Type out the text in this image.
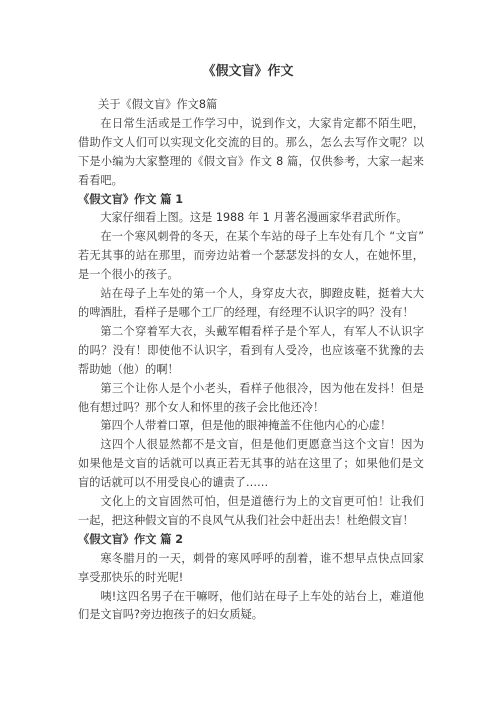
《假文盲》作文

关于《假文盲》作文8篇

在日常生活或是工作学习中，说到作文，大家肯定都不陌生吧，借助作文人们可以实现文化交流的目的。那么，怎么去写作文呢？以下是小编为大家整理的《假文盲》作文 8 篇，仅供参考，大家一起来看看吧。

《假文盲》作文 篇 1

大家仔细看上图。这是 1988 年 1 月著名漫画家华君武所作。

在一个寒风刺骨的冬天，在某个车站的母子上车处有几个 “文盲” 若无其事的站在那里，而旁边站着一个瑟瑟发抖的女人，在她怀里，是一个很小的孩子。

站在母子上车处的第一个人，身穿皮大衣，脚蹬皮鞋，挺着大大的啤酒肚，看样子是哪个工厂的经理，有经理不认识字的吗？没有！

第二个穿着军大衣，头戴军帽看样子是个军人，有军人不认识字的吗？没有！即使他不认识字，看到有人受冷，也应该毫不犹豫的去帮助她（他）的啊！

第三个让你人是个小老头，看样子他很冷，因为他在发抖！但是他有想过吗？那个女人和怀里的孩子会比他还冷！

第四个人带着口罩，但是他的眼神掩盖不住他内心的心虚！

这四个人很显然都不是文盲，但是他们更愿意当这个文盲！因为如果他是文盲的话就可以真正若无其事的站在这里了；如果他们是文盲的话就可以不用受良心的谴责了……

文化上的文盲固然可怕，但是道德行为上的文盲更可怕！让我们一起，把这种假文盲的不良风气从我们社会中赶出去！杜绝假文盲！

《假文盲》作文 篇 2

寒冬腊月的一天，刺骨的寒风呼呼的刮着，谁不想早点快点回家享受那快乐的时光呢!

咦!这四名男子在干嘛呀，他们站在母子上车处的站台上，难道他们是文盲吗?旁边抱孩子的妇女质疑。
